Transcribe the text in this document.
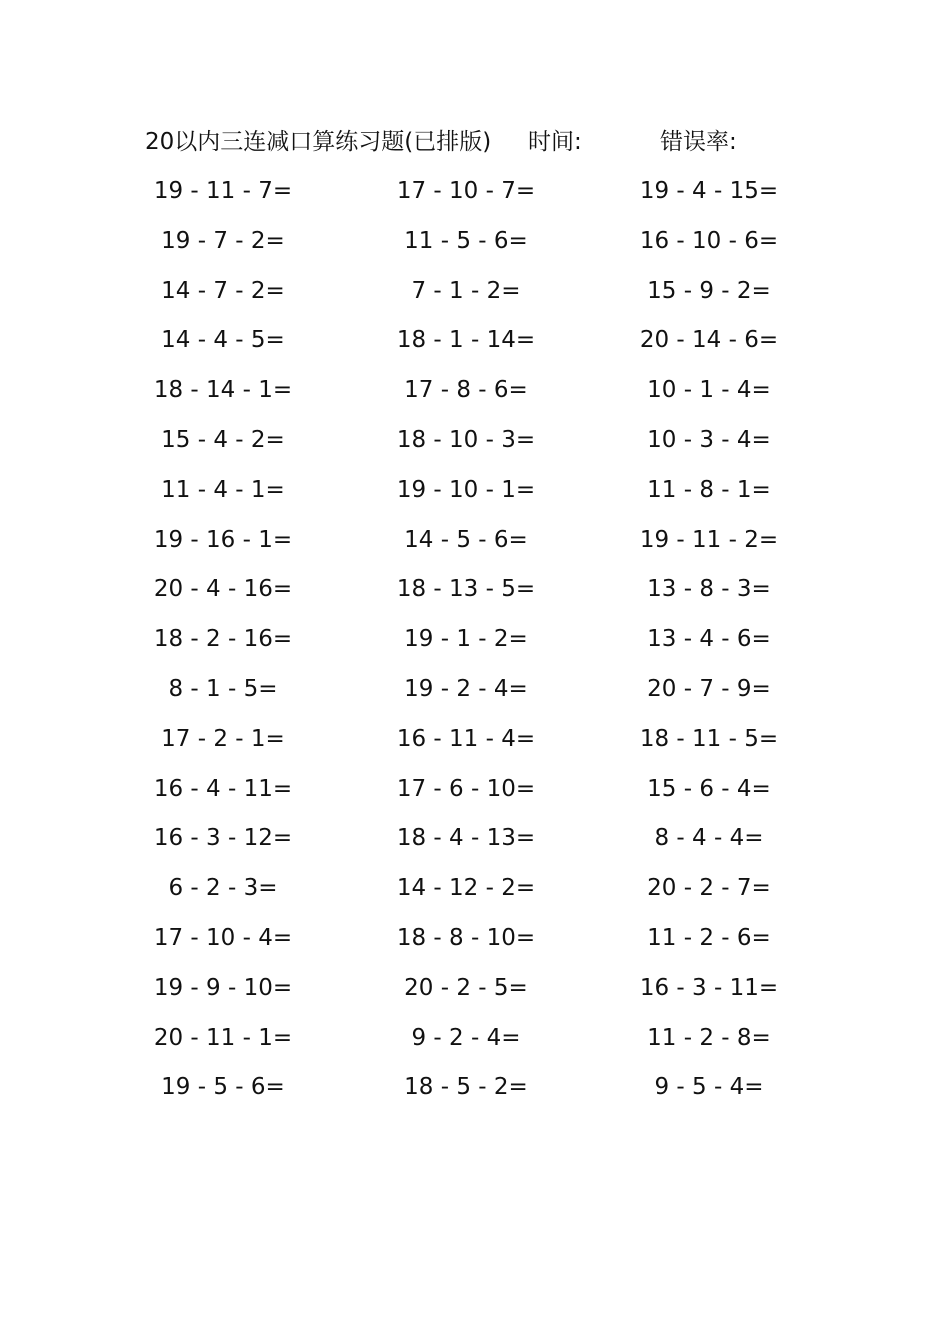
20以内三连减口算练习题(已排版) 时间:	错误率:
19 - 11 - 7=	17 - 10 - 7=	19 - 4 - 15=
19 - 7 - 2=	11 - 5 - 6=	16 - 10 - 6=
14 - 7 - 2=	7 - 1 - 2=	15 - 9 - 2=
14 - 4 - 5=	18 - 1 - 14=	20 - 14 - 6=
18 - 14 - 1=	17 - 8 - 6=	10 - 1 - 4=
15 - 4 - 2=	18 - 10 - 3=	10 - 3 - 4=
11 - 4 - 1=	19 - 10 - 1=	11 - 8 - 1=
19 - 16 - 1=	14 - 5 - 6=	19 - 11 - 2=
20 - 4 - 16=	18 - 13 - 5=	13 - 8 - 3=
18 - 2 - 16=	19 - 1 - 2=	13 - 4 - 6=
8 - 1 - 5=	19 - 2 - 4=	20 - 7 - 9=
17 - 2 - 1=	16 - 11 - 4=	18 - 11 - 5=
16 - 4 - 11=	17 - 6 - 10=	15 - 6 - 4=
16 - 3 - 12=	18 - 4 - 13=	8 - 4 - 4=
6 - 2 - 3=	14 - 12 - 2=	20 - 2 - 7=
17 - 10 - 4=	18 - 8 - 10=	11 - 2 - 6=
19 - 9 - 10=	20 - 2 - 5=	16 - 3 - 11=
20 - 11 - 1=	9 - 2 - 4=	11 - 2 - 8=
19 - 5 - 6=	18 - 5 - 2=	9 - 5 - 4=
